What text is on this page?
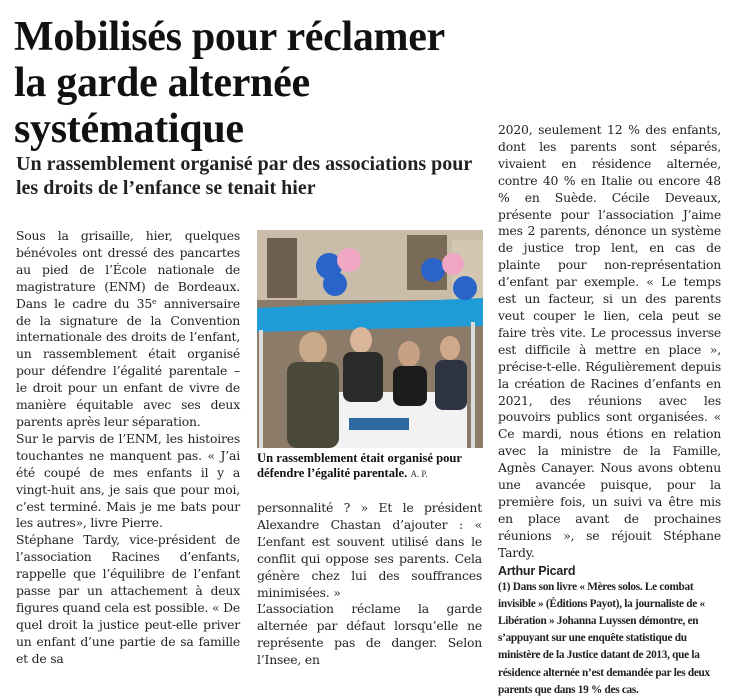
Mobilisés pour réclamer la garde alternée systématique
Un rassemblement organisé par des associations pour les droits de l’enfance se tenait hier

Sous la grisaille, hier, quelques bénévoles ont dressé des pancartes au pied de l’École nationale de magistrature (ENM) de Bordeaux. Dans le cadre du 35ᵉ anniversaire de la signature de la Convention internationale des droits de l’enfant, un rassemblement était organisé pour défendre l’égalité parentale – le droit pour un enfant de vivre de manière équitable avec ses deux parents après leur séparation.

Sur le parvis de l’ENM, les histoires touchantes ne manquent pas. « J’ai été coupé de mes enfants il y a vingt-huit ans, je sais que pour moi, c’est terminé. Mais je me bats pour les autres», livre Pierre.

Stéphane Tardy, vice-président de l’association Racines d’enfants, rappelle que l’équilibre de l’enfant passe par un attachement à deux figures quand cela est possible. « De quel droit la justice peut-elle priver un enfant d’une partie de sa famille et de sa

Un rassemblement était organisé pour défendre l’égalité parentale. A. P.

personnalité ? » Et le président Alexandre Chastan d’ajouter : « L’enfant est souvent utilisé dans le conflit qui oppose ses parents. Cela génère chez lui des souffrances minimisées. »

L’association réclame la garde alternée par défaut lorsqu’elle ne représente pas de danger. Selon l’Insee, en

2020, seulement 12 % des enfants, dont les parents sont séparés, vivaient en résidence alternée, contre 40 % en Italie ou encore 48 % en Suède. Cécile Deveaux, présente pour l’association J’aime mes 2 parents, dénonce un système de justice trop lent, en cas de plainte pour non-représentation d’enfant par exemple. « Le temps est un facteur, si un des parents veut couper le lien, cela peut se faire très vite. Le processus inverse est difficile à mettre en place », précise-t-elle. Régulièrement depuis la création de Racines d’enfants en 2021, des réunions avec les pouvoirs publics sont organisées. « Ce mardi, nous étions en relation avec la ministre de la Famille, Agnès Canayer. Nous avons obtenu une avancée puisque, pour la première fois, un suivi va être mis en place avant de prochaines réunions », se réjouit Stéphane Tardy.

Arthur Picard
(1) Dans son livre « Mères solos. Le combat invisible » (Éditions Payot), la journaliste de « Libération » Johanna Luyssen démontre, en s’appuyant sur une enquête statistique du ministère de la Justice datant de 2013, que la résidence alternée n’est demandée par les deux parents que dans 19 % des cas.
